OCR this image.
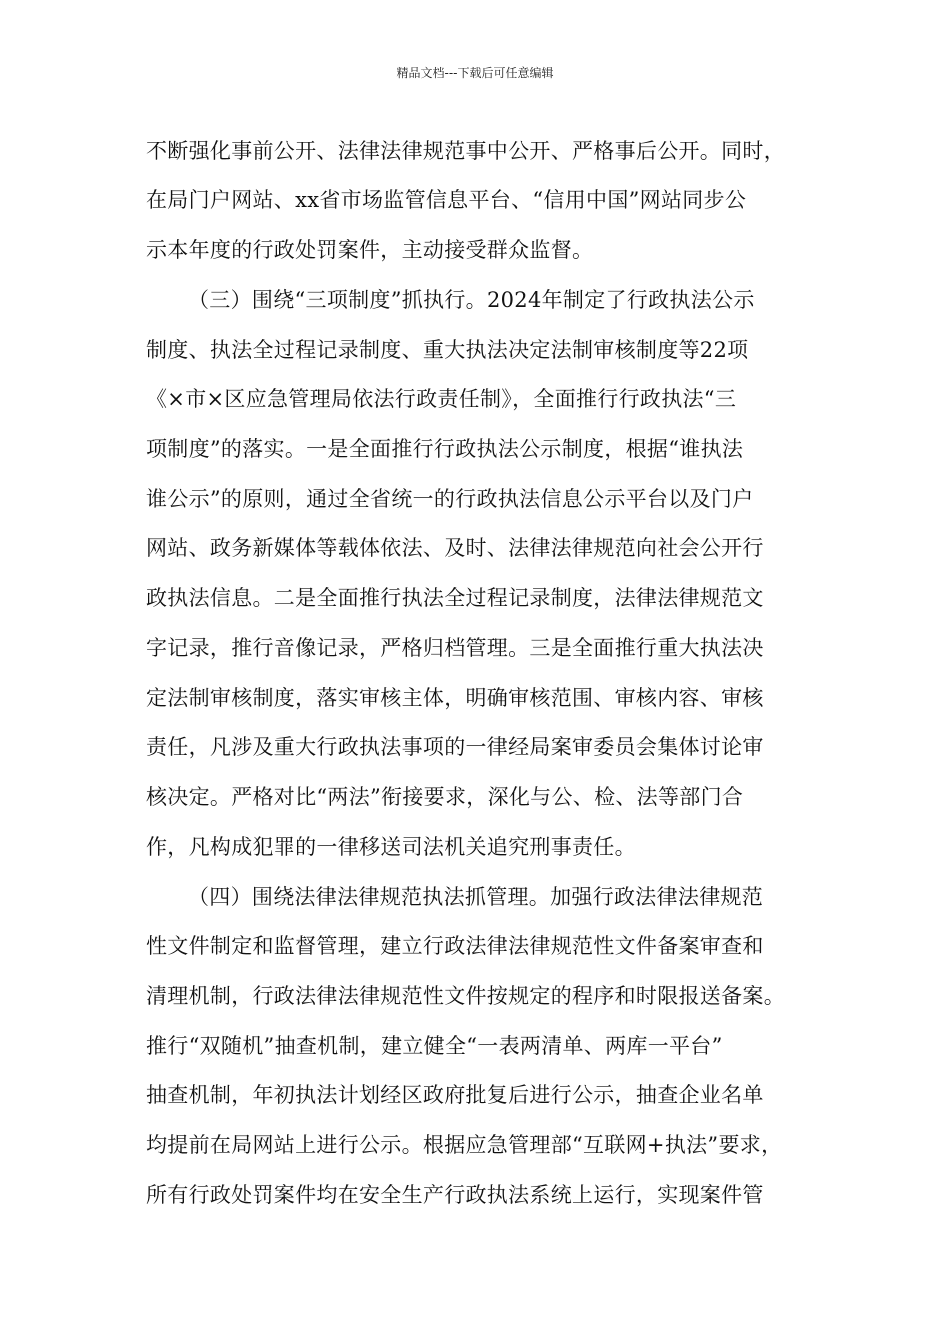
精品文档---下载后可任意编辑
不断强化事前公开、法律法律规范事中公开、严格事后公开。同时，
在局门户网站、xx省市场监管信息平台、“信用中国”网站同步公
示本年度的行政处罚案件，主动接受群众监督。
（三）围绕“三项制度”抓执行。2024年制定了行政执法公示
制度、执法全过程记录制度、重大执法决定法制审核制度等22项
《×市×区应急管理局依法行政责任制》，全面推行行政执法“三
项制度”的落实。一是全面推行行政执法公示制度，根据“谁执法
谁公示”的原则，通过全省统一的行政执法信息公示平台以及门户
网站、政务新媒体等载体依法、及时、法律法律规范向社会公开行
政执法信息。二是全面推行执法全过程记录制度，法律法律规范文
字记录，推行音像记录，严格归档管理。三是全面推行重大执法决
定法制审核制度，落实审核主体，明确审核范围、审核内容、审核
责任，凡涉及重大行政执法事项的一律经局案审委员会集体讨论审
核决定。严格对比“两法”衔接要求，深化与公、检、法等部门合
作，凡构成犯罪的一律移送司法机关追究刑事责任。
（四）围绕法律法律规范执法抓管理。加强行政法律法律规范
性文件制定和监督管理，建立行政法律法律规范性文件备案审查和
清理机制，行政法律法律规范性文件按规定的程序和时限报送备案。
推行“双随机”抽查机制，建立健全“一表两清单、两库一平台”
抽查机制，年初执法计划经区政府批复后进行公示，抽查企业名单
均提前在局网站上进行公示。根据应急管理部“互联网+执法”要求，
所有行政处罚案件均在安全生产行政执法系统上运行，实现案件管
